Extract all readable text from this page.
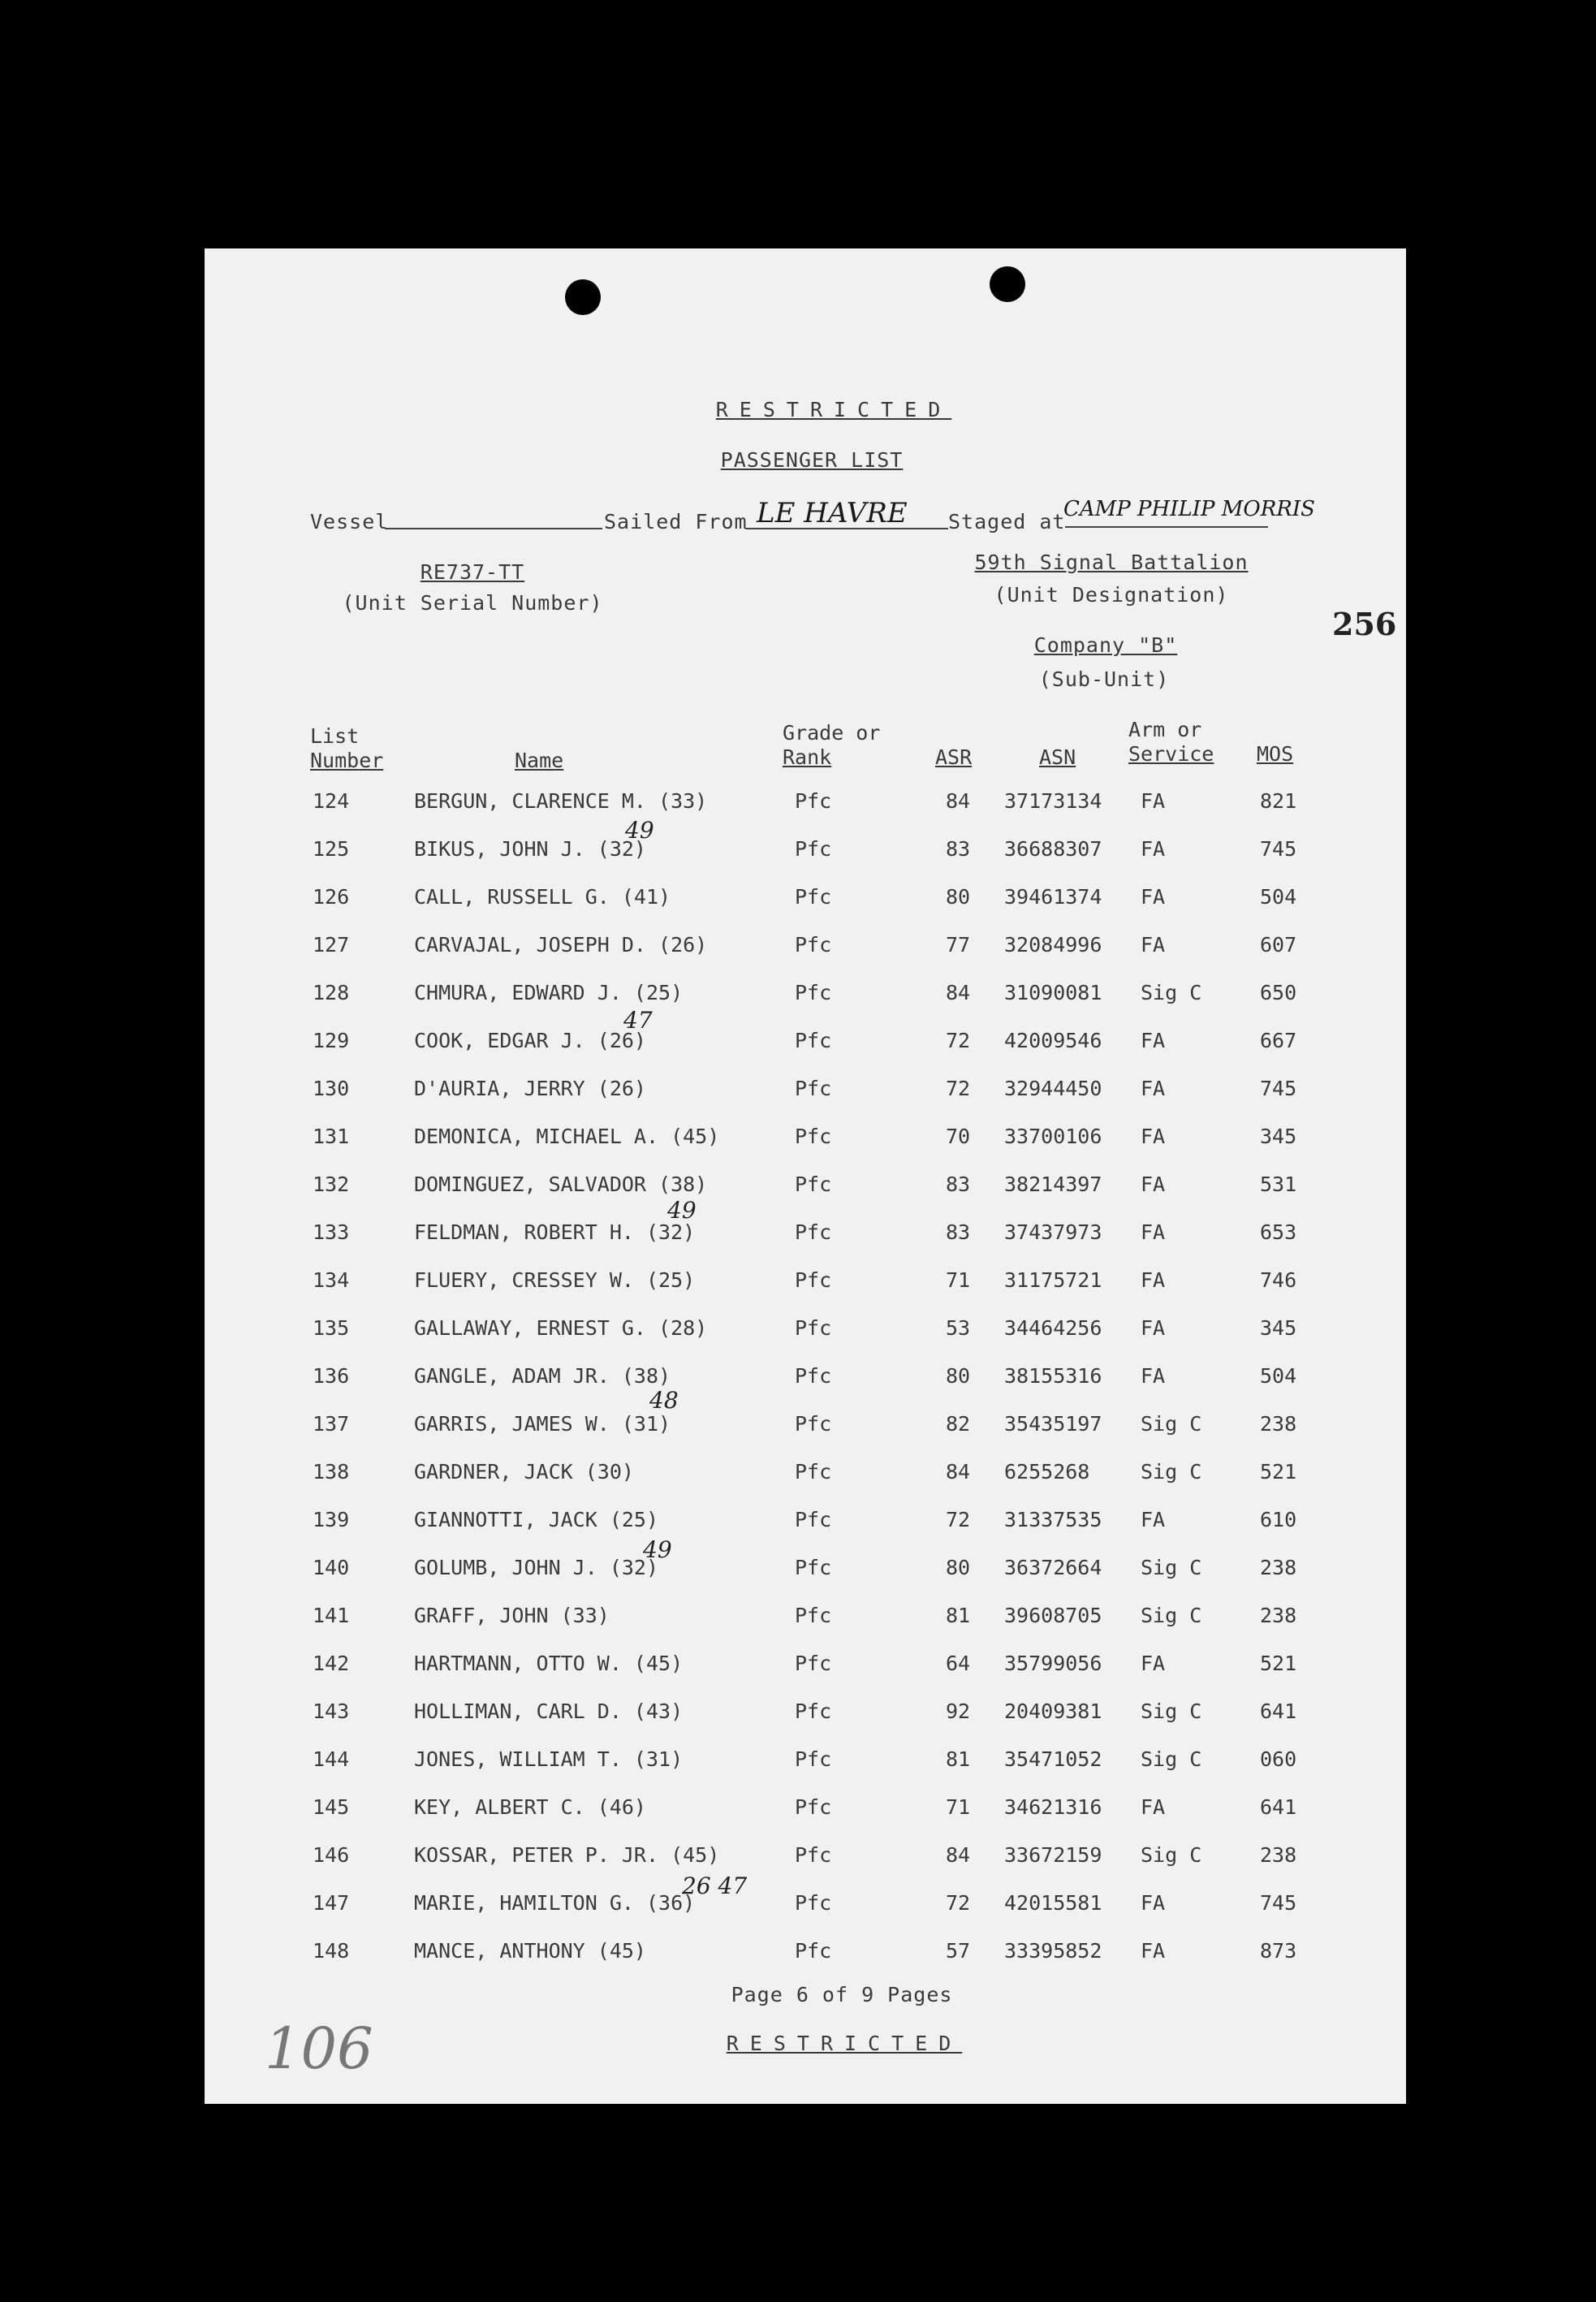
RESTRICTED
PASSENGER LIST
Vessel	Sailed From LE HAVRE Staged at
CAMP PHILIP MORRIS
RE737-TT
(Unit Serial Number)
59th Signal Battalion
(Unit Designation)
Company "B"
(Sub-Unit)
256
List
Number	Name
Grade or
Rank	ASR	ASN
Arm or
Service MOS
124	BERGUN, CLARENCE M. (33)	Pfc	84	37173134 FA	821
125	BIKUS, JOHN J. (32)	Pfc	83	36688307 FA	745
126	CALL, RUSSELL G. (41)	Pfc	80	39461374 FA	504
127	CARVAJAL, JOSEPH D. (26)	Pfc	77	32084996 FA	607
128	CHMURA, EDWARD J. (25)	Pfc	84	31090081 Sig C	650
129	COOK, EDGAR J. (26)	Pfc	72	42009546 FA	667
130	D'AURIA, JERRY (26)	Pfc	72	32944450 FA	745
131	DEMONICA, MICHAEL A. (45)	Pfc	70	33700106 FA	345
132	DOMINGUEZ, SALVADOR (38)	Pfc	83	38214397 FA	531
133	FELDMAN, ROBERT H. (32)	Pfc	83	37437973 FA	653
134	FLUERY, CRESSEY W. (25)	Pfc	71	31175721 FA	746
135	GALLAWAY, ERNEST G. (28)	Pfc	53	34464256 FA	345
136	GANGLE, ADAM JR. (38)	Pfc	80	38155316 FA	504
137	GARRIS, JAMES W. (31)	Pfc	82	35435197 Sig C	238
138	GARDNER, JACK (30)	Pfc	84	6255268	Sig C	521
139	GIANNOTTI, JACK (25)	Pfc	72	31337535 FA	610
140	GOLUMB, JOHN J. (32)	Pfc	80	36372664 Sig C	238
141	GRAFF, JOHN (33)	Pfc	81	39608705 Sig C	238
142	HARTMANN, OTTO W. (45)	Pfc	64	35799056 FA	521
143	HOLLIMAN, CARL D. (43)	Pfc	92	20409381 Sig C	641
144	JONES, WILLIAM T. (31)	Pfc	81	35471052 Sig C	060
145	KEY, ALBERT C. (46)	Pfc	71	34621316 FA	641
146	KOSSAR, PETER P. JR. (45)	Pfc	84	33672159 Sig C	238
147	MARIE, HAMILTON G. (36)	Pfc	72	42015581 FA	745
148	MANCE, ANTHONY (45)	Pfc	57	33395852 FA	873
49
47
49
48
49
26 47
Page 6 of 9 Pages
RESTRICTED
106
